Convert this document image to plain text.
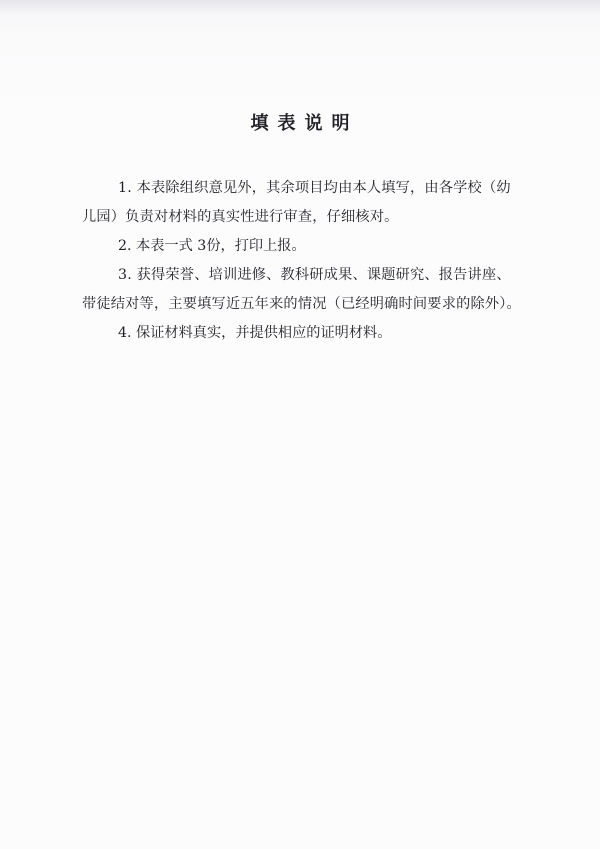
填表说明

1. 本表除组织意见外，其余项目均由本人填写，由各学校（幼儿园）负责对材料的真实性进行审查，仔细核对。

2. 本表一式 3份，打印上报。

3. 获得荣誉、培训进修、教科研成果、课题研究、报告讲座、带徒结对等，主要填写近五年来的情况（已经明确时间要求的除外）。

4. 保证材料真实，并提供相应的证明材料。
